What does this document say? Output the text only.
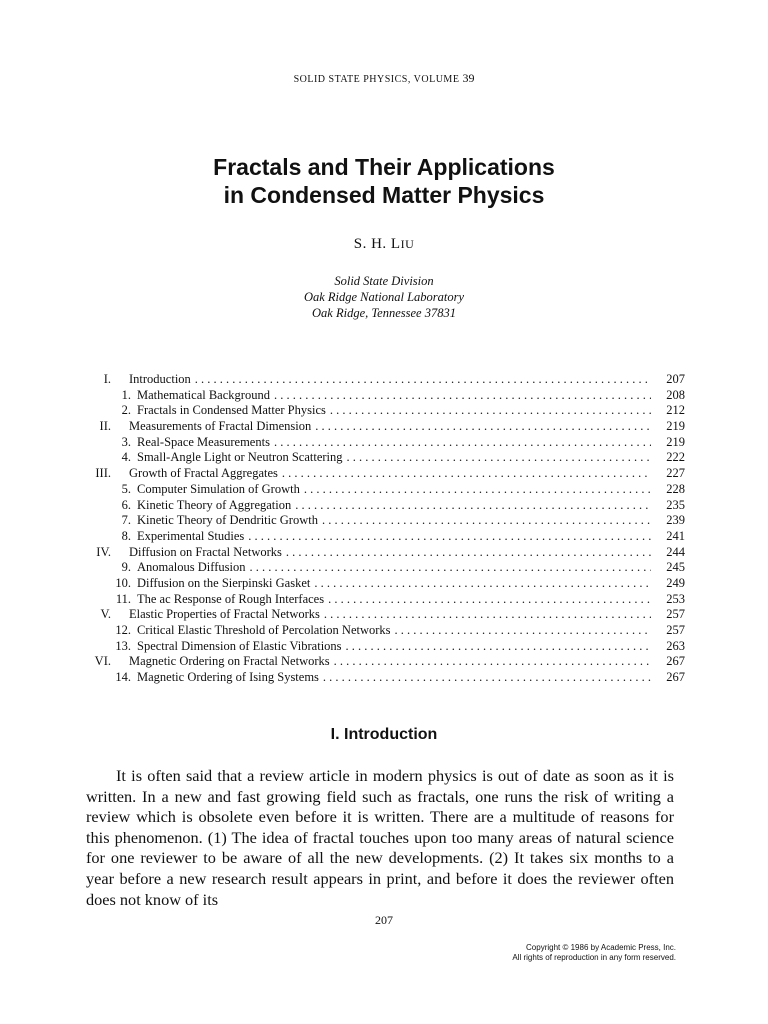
SOLID STATE PHYSICS, VOLUME 39
Fractals and Their Applications
in Condensed Matter Physics
S. H. LIU
Solid State Division
Oak Ridge National Laboratory
Oak Ridge, Tennessee 37831
I.	Introduction . . .	207
1. Mathematical Background . . .	208
2. Fractals in Condensed Matter Physics . . .	212
II.	Measurements of Fractal Dimension . . .	219
3. Real-Space Measurements . . .	219
4. Small-Angle Light or Neutron Scattering . . .	222
III.	Growth of Fractal Aggregates . . .	227
5. Computer Simulation of Growth . . .	228
6. Kinetic Theory of Aggregation . . .	235
7. Kinetic Theory of Dendritic Growth . . .	239
8. Experimental Studies . . .	241
IV.	Diffusion on Fractal Networks . . .	244
9. Anomalous Diffusion . . .	245
10. Diffusion on the Sierpinski Gasket . . .	249
11. The ac Response of Rough Interfaces . . .	253
V.	Elastic Properties of Fractal Networks . . .	257
12. Critical Elastic Threshold of Percolation Networks . . .	257
13. Spectral Dimension of Elastic Vibrations . . .	263
VI.	Magnetic Ordering on Fractal Networks . . .	267
14. Magnetic Ordering of Ising Systems . . .	267
I. Introduction

It is often said that a review article in modern physics is out of date as soon as it is written. In a new and fast growing field such as fractals, one runs the risk of writing a review which is obsolete even before it is written. There are a multitude of reasons for this phenomenon. (1) The idea of fractal touches upon too many areas of natural science for one reviewer to be aware of all the new developments. (2) It takes six months to a year before a new research result appears in print, and before it does the reviewer often does not know of its

207
Copyright © 1986 by Academic Press, Inc.
All rights of reproduction in any form reserved.
